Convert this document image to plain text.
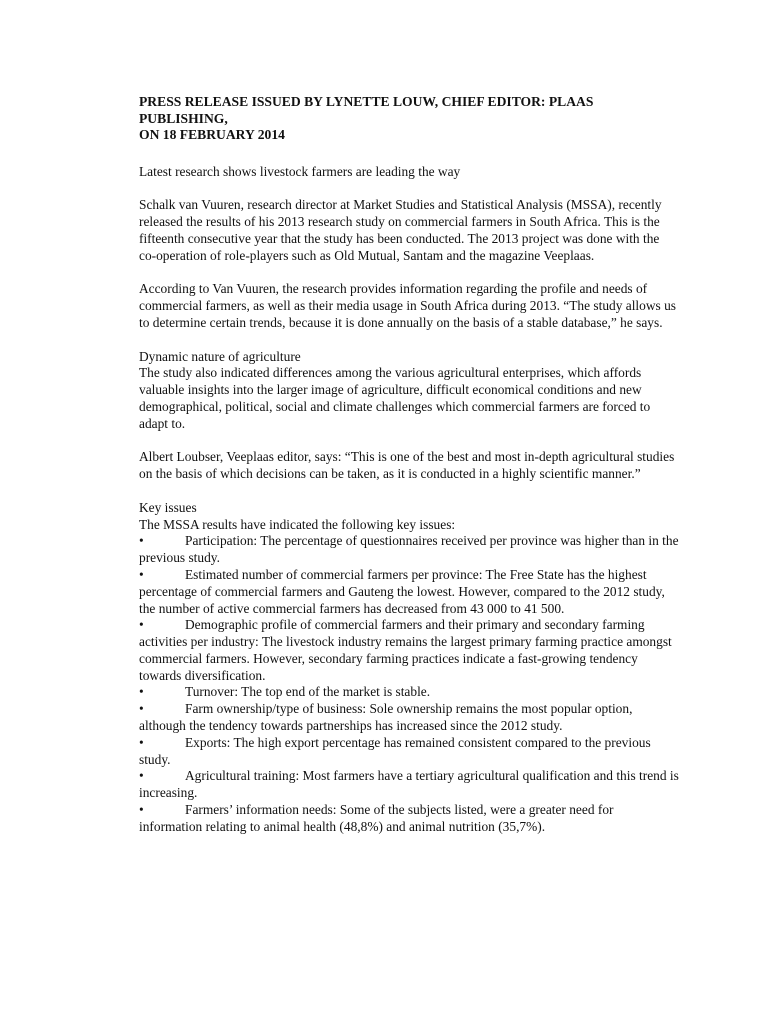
PRESS RELEASE ISSUED BY LYNETTE LOUW, CHIEF EDITOR: PLAAS
PUBLISHING,
ON 18 FEBRUARY 2014

Latest research shows livestock farmers are leading the way

Schalk van Vuuren, research director at Market Studies and Statistical Analysis (MSSA), recently released the results of his 2013 research study on commercial farmers in South Africa. This is the fifteenth consecutive year that the study has been conducted. The 2013 project was done with the co-operation of role-players such as Old Mutual, Santam and the magazine Veeplaas.

According to Van Vuuren, the research provides information regarding the profile and needs of commercial farmers, as well as their media usage in South Africa during 2013. “The study allows us to determine certain trends, because it is done annually on the basis of a stable database,” he says.

Dynamic nature of agriculture

The study also indicated differences among the various agricultural enterprises, which affords valuable insights into the larger image of agriculture, difficult economical conditions and new demographical, political, social and climate challenges which commercial farmers are forced to adapt to.

Albert Loubser, Veeplaas editor, says: “This is one of the best and most in-depth agricultural studies on the basis of which decisions can be taken, as it is conducted in a highly scientific manner.”

Key issues

The MSSA results have indicated the following key issues:

•	Participation: The percentage of questionnaires received per province was higher than in the previous study.

•	Estimated number of commercial farmers per province: The Free State has the highest percentage of commercial farmers and Gauteng the lowest. However, compared to the 2012 study, the number of active commercial farmers has decreased from 43 000 to 41 500.

•	Demographic profile of commercial farmers and their primary and secondary farming activities per industry: The livestock industry remains the largest primary farming practice amongst commercial farmers. However, secondary farming practices indicate a fast-growing tendency towards diversification.

•	Turnover: The top end of the market is stable.

•	Farm ownership/type of business: Sole ownership remains the most popular option, although the tendency towards partnerships has increased since the 2012 study.

•	Exports: The high export percentage has remained consistent compared to the previous study.

•	Agricultural training: Most farmers have a tertiary agricultural qualification and this trend is increasing.

•	Farmers’ information needs: Some of the subjects listed, were a greater need for information relating to animal health (48,8%) and animal nutrition (35,7%).
